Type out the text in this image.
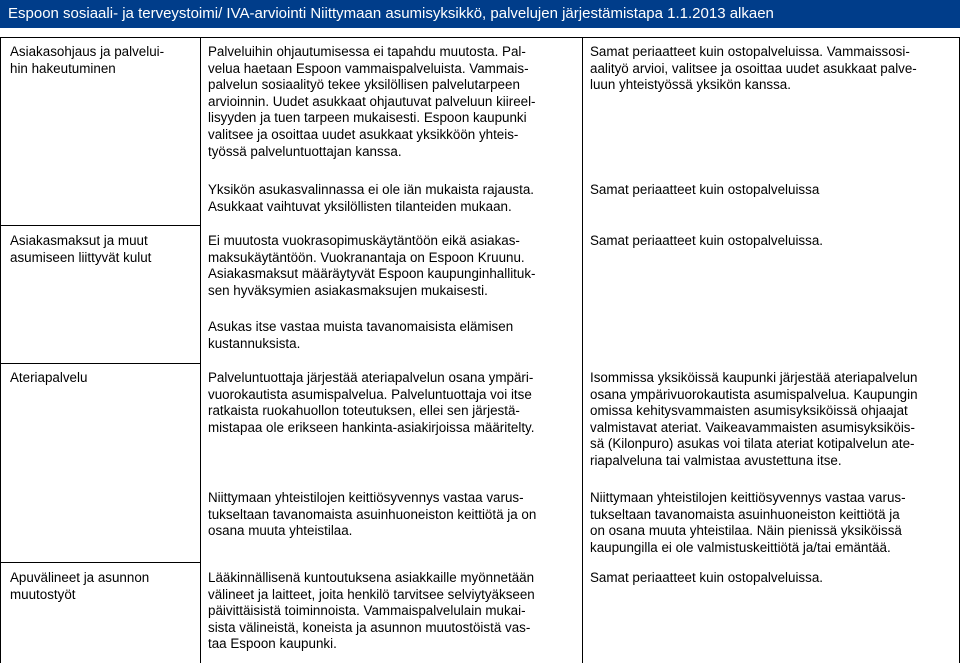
Espoon sosiaali- ja terveystoimi/ IVA-arviointi Niittymaan asumisyksikkö, palvelujen järjestämistapa 1.1.2013 alkaen

Asiakasohjaus ja palvelui-

hin hakeutuminen

Palveluihin ohjautumisessa ei tapahdu muutosta. Pal-

velua haetaan Espoon vammaispalveluista. Vammais-

palvelun sosiaalityö tekee yksilöllisen palvelutarpeen

arvioinnin. Uudet asukkaat ohjautuvat palveluun kiireel-

lisyyden ja tuen tarpeen mukaisesti. Espoon kaupunki

valitsee ja osoittaa uudet asukkaat yksikköön yhteis-

työssä palveluntuottajan kanssa.

Samat periaatteet kuin ostopalveluissa. Vammaissosi-

aalityö arvioi, valitsee ja osoittaa uudet asukkaat palve-

luun yhteistyössä yksikön kanssa.

Yksikön asukasvalinnassa ei ole iän mukaista rajausta.

Asukkaat vaihtuvat yksilöllisten tilanteiden mukaan.

Samat periaatteet kuin ostopalveluissa

Asiakasmaksut ja muut

asumiseen liittyvät kulut

Ei muutosta vuokrasopimuskäytäntöön eikä asiakas-

maksukäytäntöön. Vuokranantaja on Espoon Kruunu.

Asiakasmaksut määräytyvät Espoon kaupunginhallituk-

sen hyväksymien asiakasmaksujen mukaisesti.

Samat periaatteet kuin ostopalveluissa.

Asukas itse vastaa muista tavanomaisista elämisen

kustannuksista.

Ateriapalvelu	Palveluntuottaja järjestää ateriapalvelun osana ympäri-

vuorokautista asumispalvelua. Palveluntuottaja voi itse

ratkaista ruokahuollon toteutuksen, ellei sen järjestä-

mistapaa ole erikseen hankinta-asiakirjoissa määritelty.

Isommissa yksiköissä kaupunki järjestää ateriapalvelun

osana ympärivuorokautista asumispalvelua. Kaupungin

omissa kehitysvammaisten asumisyksiköissä ohjaajat

valmistavat ateriat. Vaikeavammaisten asumisyksiköis-

sä (Kilonpuro) asukas voi tilata ateriat kotipalvelun ate-

riapalveluna tai valmistaa avustettuna itse.

Niittymaan yhteistilojen keittiösyvennys vastaa varus-

tukseltaan tavanomaista asuinhuoneiston keittiötä ja on

osana muuta yhteistilaa.

Niittymaan yhteistilojen keittiösyvennys vastaa varus-

tukseltaan tavanomaista asuinhuoneiston keittiötä ja

on osana muuta yhteistilaa. Näin pienissä yksiköissä

kaupungilla ei ole valmistuskeittiötä ja/tai emäntää.

Apuvälineet ja asunnon

muutostyöt

Lääkinnällisenä kuntoutuksena asiakkaille myönnetään

välineet ja laitteet, joita henkilö tarvitsee selviytyäkseen

päivittäisistä toiminnoista. Vammaispalvelulain mukai-

sista välineistä, koneista ja asunnon muutostöistä vas-

taa Espoon kaupunki.

Samat periaatteet kuin ostopalveluissa.
